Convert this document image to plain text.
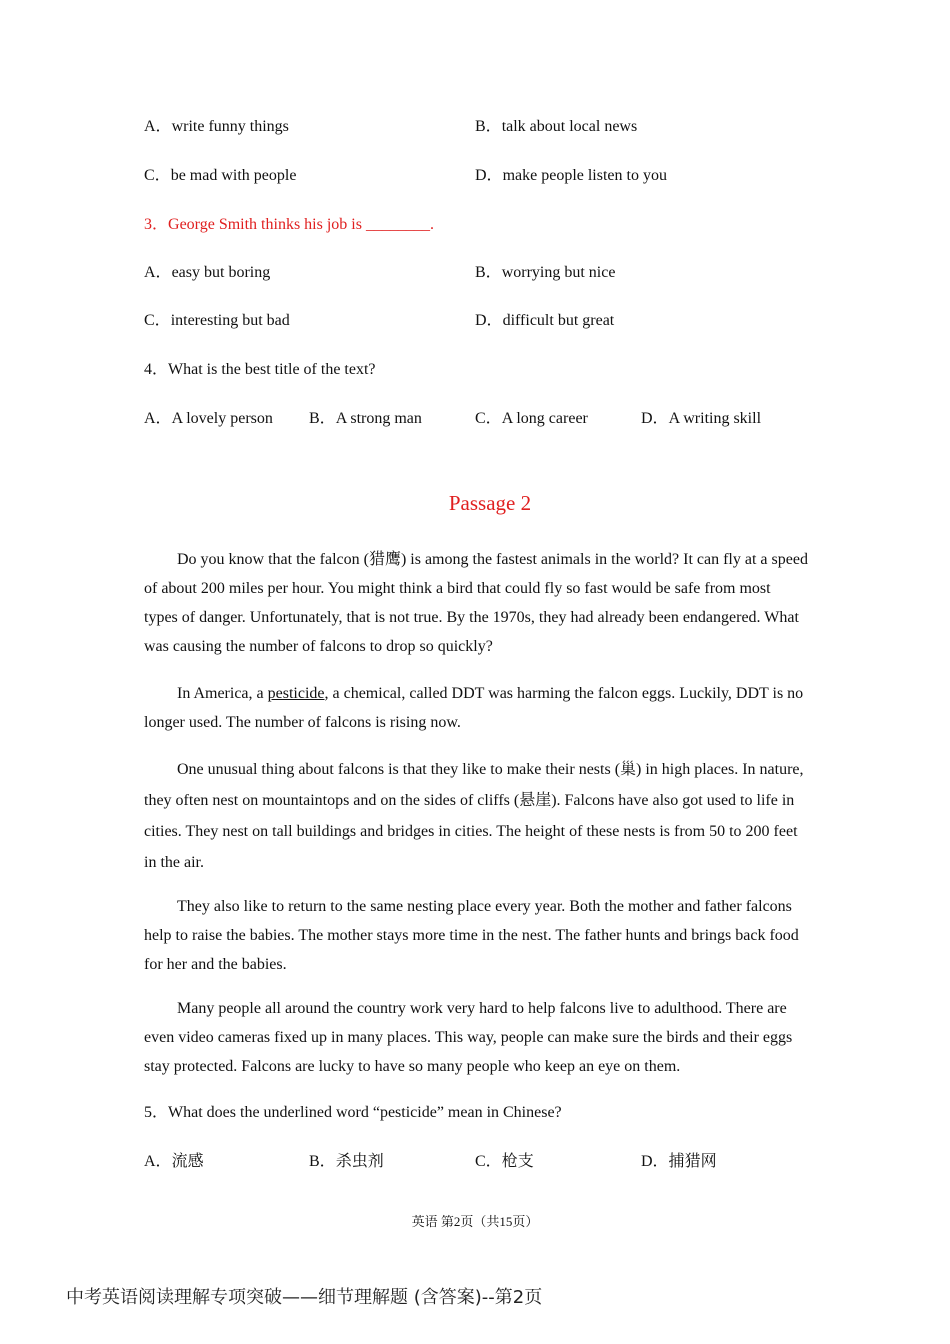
A．write funny things	B．talk about local news
C．be mad with people	D．make people listen to you
3．George Smith thinks his job is ________.
A．easy but boring	B．worrying but nice
C．interesting but bad	D．difficult but great
4．What is the best title of the text?
A．A lovely person B．A strong man	C．A long career	D．A writing skill
Passage 2
Do you know that the falcon (猎鹰) is among the fastest animals in the world? It can fly at a speed of about 200 miles per hour. You might think a bird that could fly so fast would be safe from most types of danger. Unfortunately, that is not true. By the 1970s, they had already been endangered. What was causing the number of falcons to drop so quickly?
In America, a pesticide, a chemical, called DDT was harming the falcon eggs. Luckily, DDT is no longer used. The number of falcons is rising now.
One unusual thing about falcons is that they like to make their nests (巢) in high places. In nature, they often nest on mountaintops and on the sides of cliffs (悬崖). Falcons have also got used to life in cities. They nest on tall buildings and bridges in cities. The height of these nests is from 50 to 200 feet in the air.
They also like to return to the same nesting place every year. Both the mother and father falcons help to raise the babies. The mother stays more time in the nest. The father hunts and brings back food for her and the babies.
Many people all around the country work very hard to help falcons live to adulthood. There are even video cameras fixed up in many places. This way, people can make sure the birds and their eggs stay protected. Falcons are lucky to have so many people who keep an eye on them.
5．What does the underlined word “pesticide” mean in Chinese?
A．流感	B．杀虫剂	C．枪支	D．捕猎网
英语 第2页（共15页）
中考英语阅读理解专项突破——细节理解题 (含答案)--第2页
